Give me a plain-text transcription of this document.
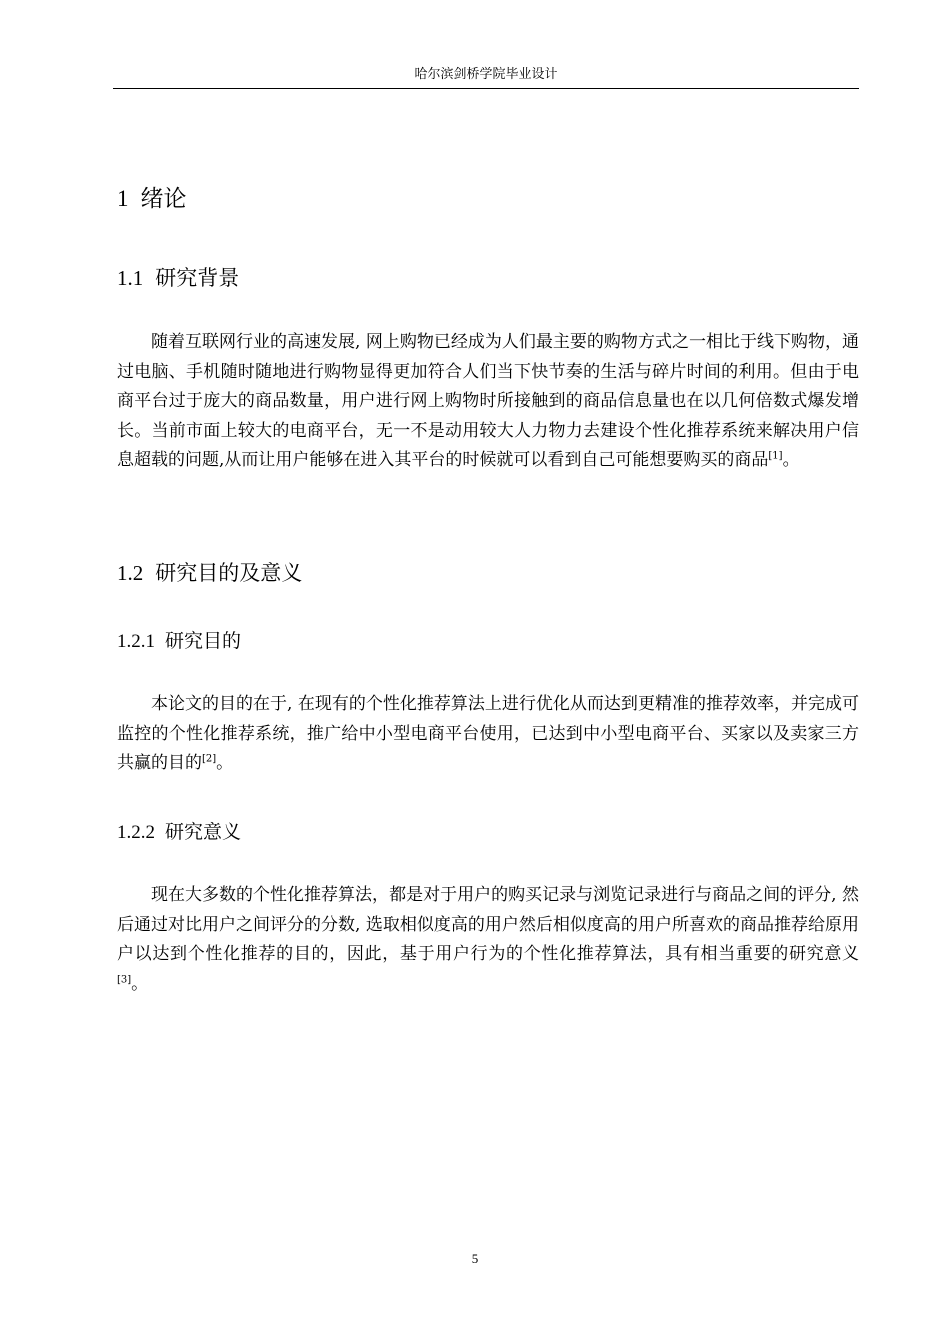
哈尔滨剑桥学院毕业设计
1 绪论
1.1 研究背景

随着互联网行业的高速发展, 网上购物已经成为人们最主要的购物方式之一相比于线下购物，通过电脑、手机随时随地进行购物显得更加符合人们当下快节奏的生活与碎片时间的利用。但由于电商平台过于庞大的商品数量，用户进行网上购物时所接触到的商品信息量也在以几何倍数式爆发增长。当前市面上较大的电商平台，无一不是动用较大人力物力去建设个性化推荐系统来解决用户信息超载的问题,从而让用户能够在进入其平台的时候就可以看到自己可能想要购买的商品[1]。

1.2 研究目的及意义
1.2.1 研究目的

本论文的目的在于, 在现有的个性化推荐算法上进行优化从而达到更精准的推荐效率，并完成可监控的个性化推荐系统，推广给中小型电商平台使用，已达到中小型电商平台、买家以及卖家三方共赢的目的[2]。

1.2.2 研究意义

现在大多数的个性化推荐算法，都是对于用户的购买记录与浏览记录进行与商品之间的评分, 然后通过对比用户之间评分的分数, 选取相似度高的用户然后相似度高的用户所喜欢的商品推荐给原用户以达到个性化推荐的目的，因此，基于用户行为的个性化推荐算法，具有相当重要的研究意义[3]。

5
